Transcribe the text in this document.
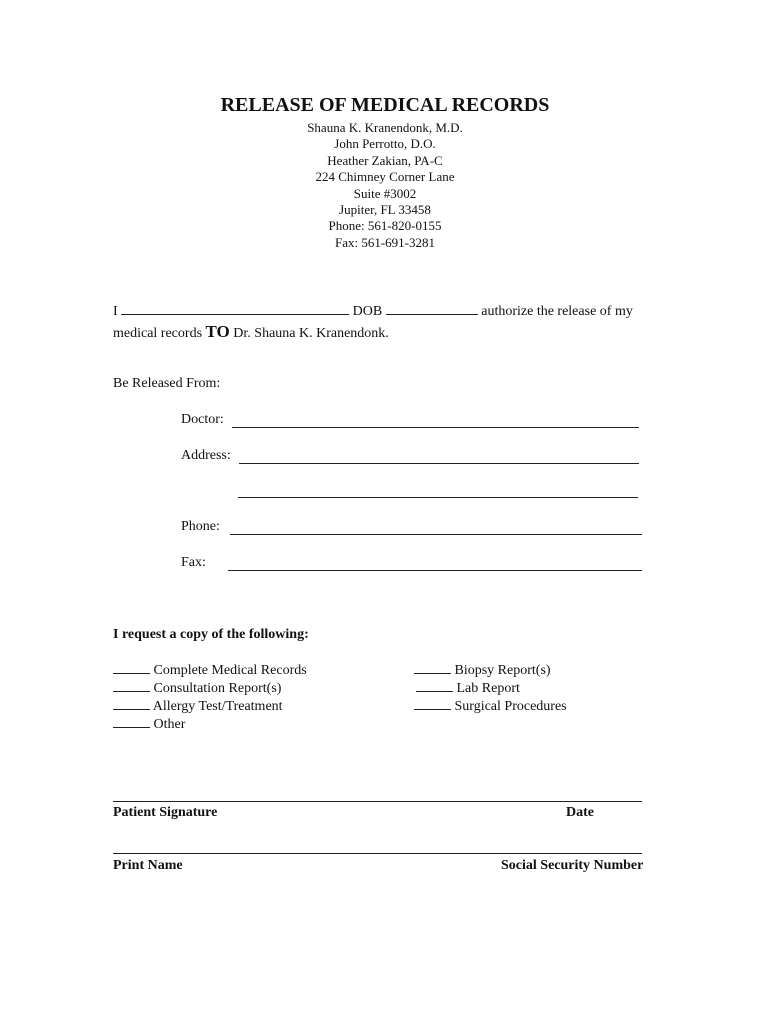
RELEASE OF MEDICAL RECORDS
Shauna K. Kranendonk, M.D.
John Perrotto, D.O.
Heather Zakian, PA-C
224 Chimney Corner Lane
Suite #3002
Jupiter, FL 33458
Phone: 561-820-0155
Fax: 561-691-3281
I	DOB	authorize the release of my
medical records TO Dr. Shauna K. Kranendonk.
Be Released From:
Doctor:
Address:
Phone:
Fax:
I request a copy of the following:
Complete Medical Records
Consultation Report(s)
Allergy Test/Treatment
Other
Biopsy Report(s)
Lab Report
Surgical Procedures
Patient Signature	Date
Print Name	Social Security Number
